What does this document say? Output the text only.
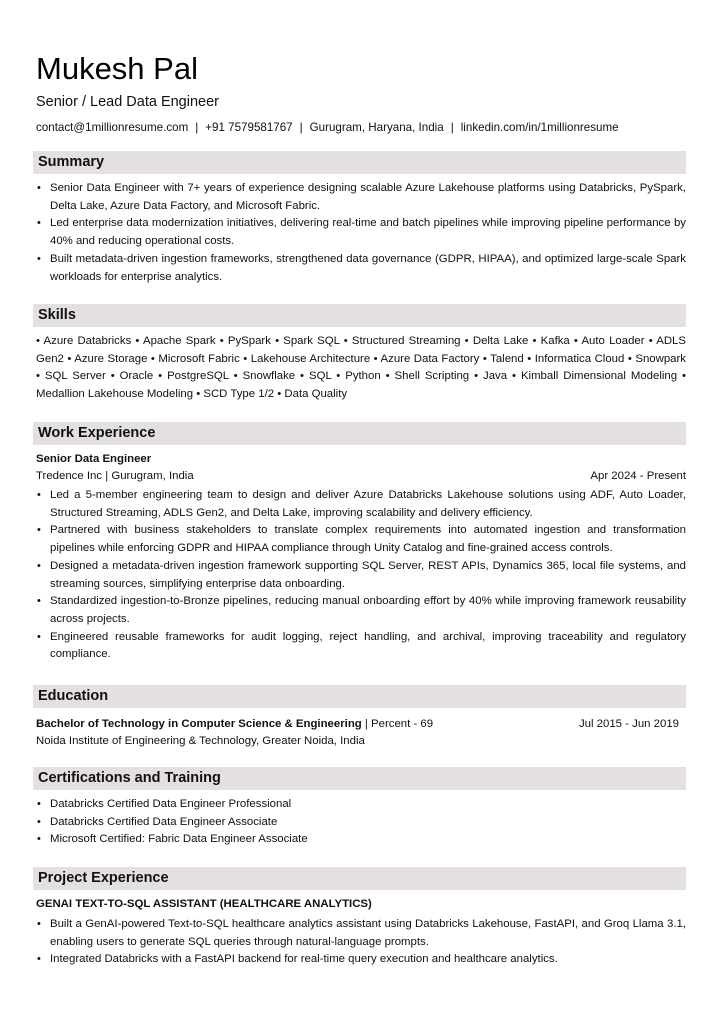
Mukesh Pal
Senior / Lead Data Engineer
contact@1millionresume.com | +91 7579581767 | Gurugram, Haryana, India | linkedin.com/in/1millionresume
Summary
• Senior Data Engineer with 7+ years of experience designing scalable Azure Lakehouse platforms using Databricks, PySpark, Delta Lake, Azure Data Factory, and Microsoft Fabric.
• Led enterprise data modernization initiatives, delivering real-time and batch pipelines while improving pipeline performance by 40% and reducing operational costs.
• Built metadata-driven ingestion frameworks, strengthened data governance (GDPR, HIPAA), and optimized large-scale Spark workloads for enterprise analytics.
Skills
• Azure Databricks • Apache Spark • PySpark • Spark SQL • Structured Streaming • Delta Lake • Kafka • Auto Loader • ADLS Gen2 • Azure Storage • Microsoft Fabric • Lakehouse Architecture • Azure Data Factory • Talend • Informatica Cloud • Snowpark • SQL Server • Oracle • PostgreSQL • Snowflake • SQL • Python • Shell Scripting • Java • Kimball Dimensional Modeling • Medallion Lakehouse Modeling • SCD Type 1/2 • Data Quality
Work Experience
Senior Data Engineer
Tredence Inc | Gurugram, India	Apr 2024 - Present
• Led a 5-member engineering team to design and deliver Azure Databricks Lakehouse solutions using ADF, Auto Loader, Structured Streaming, ADLS Gen2, and Delta Lake, improving scalability and delivery efficiency.
• Partnered with business stakeholders to translate complex requirements into automated ingestion and transformation pipelines while enforcing GDPR and HIPAA compliance through Unity Catalog and fine-grained access controls.
• Designed a metadata-driven ingestion framework supporting SQL Server, REST APIs, Dynamics 365, local file systems, and streaming sources, simplifying enterprise data onboarding.
• Standardized ingestion-to-Bronze pipelines, reducing manual onboarding effort by 40% while improving framework reusability across projects.
• Engineered reusable frameworks for audit logging, reject handling, and archival, improving traceability and regulatory compliance.
Education
Bachelor of Technology in Computer Science & Engineering | Percent - 69	Jul 2015 - Jun 2019
Noida Institute of Engineering & Technology, Greater Noida, India
Certifications and Training
• Databricks Certified Data Engineer Professional
• Databricks Certified Data Engineer Associate
• Microsoft Certified: Fabric Data Engineer Associate
Project Experience
GENAI TEXT-TO-SQL ASSISTANT (HEALTHCARE ANALYTICS)
• Built a GenAI-powered Text-to-SQL healthcare analytics assistant using Databricks Lakehouse, FastAPI, and Groq Llama 3.1, enabling users to generate SQL queries through natural-language prompts.
• Integrated Databricks with a FastAPI backend for real-time query execution and healthcare analytics.
